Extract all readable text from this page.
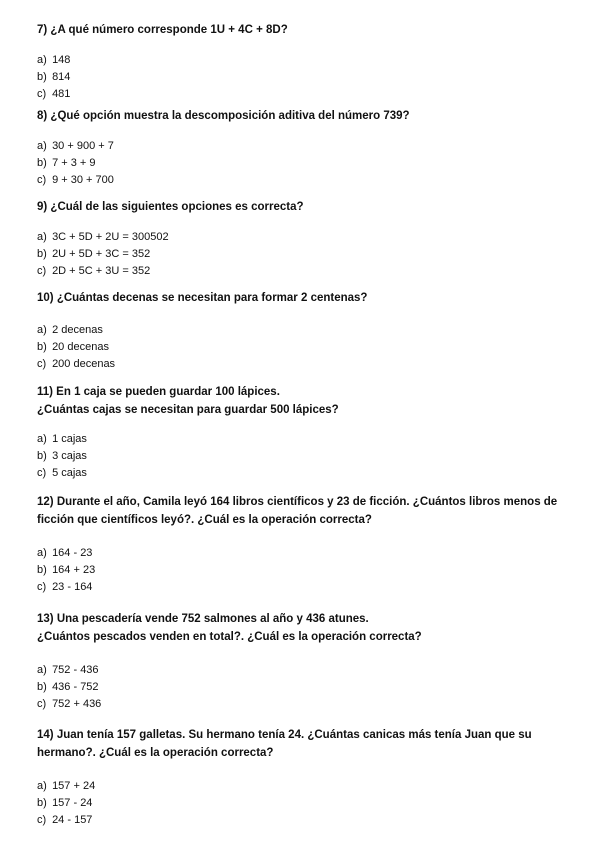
7) ¿A qué número corresponde 1U + 4C + 8D?

a) 148
b) 814
c) 481

8) ¿Qué opción muestra la descomposición aditiva del número 739?

a) 30 + 900 + 7
b) 7 + 3 + 9
c) 9 + 30 + 700

9) ¿Cuál de las siguientes opciones es correcta?

a) 3C + 5D + 2U = 300502
b) 2U + 5D + 3C = 352
c) 2D + 5C + 3U = 352

10) ¿Cuántas decenas se necesitan para formar 2 centenas?

a) 2 decenas
b) 20 decenas
c) 200 decenas

11) En 1 caja se pueden guardar 100 lápices.
¿Cuántas cajas se necesitan para guardar 500 lápices?

a) 1 cajas
b) 3 cajas
c) 5 cajas

12) Durante el año, Camila leyó 164 libros científicos y 23 de ficción. ¿Cuántos libros menos de
ficción que científicos leyó?. ¿Cuál es la operación correcta?

a) 164 - 23
b) 164 + 23
c) 23 - 164

13) Una pescadería vende 752 salmones al año y 436 atunes.
¿Cuántos pescados venden en total?. ¿Cuál es la operación correcta?

a) 752 - 436
b) 436 - 752
c) 752 + 436

14) Juan tenía 157 galletas. Su hermano tenía 24. ¿Cuántas canicas más tenía Juan que su
hermano?. ¿Cuál es la operación correcta?

a) 157 + 24
b) 157 - 24
c) 24 - 157
